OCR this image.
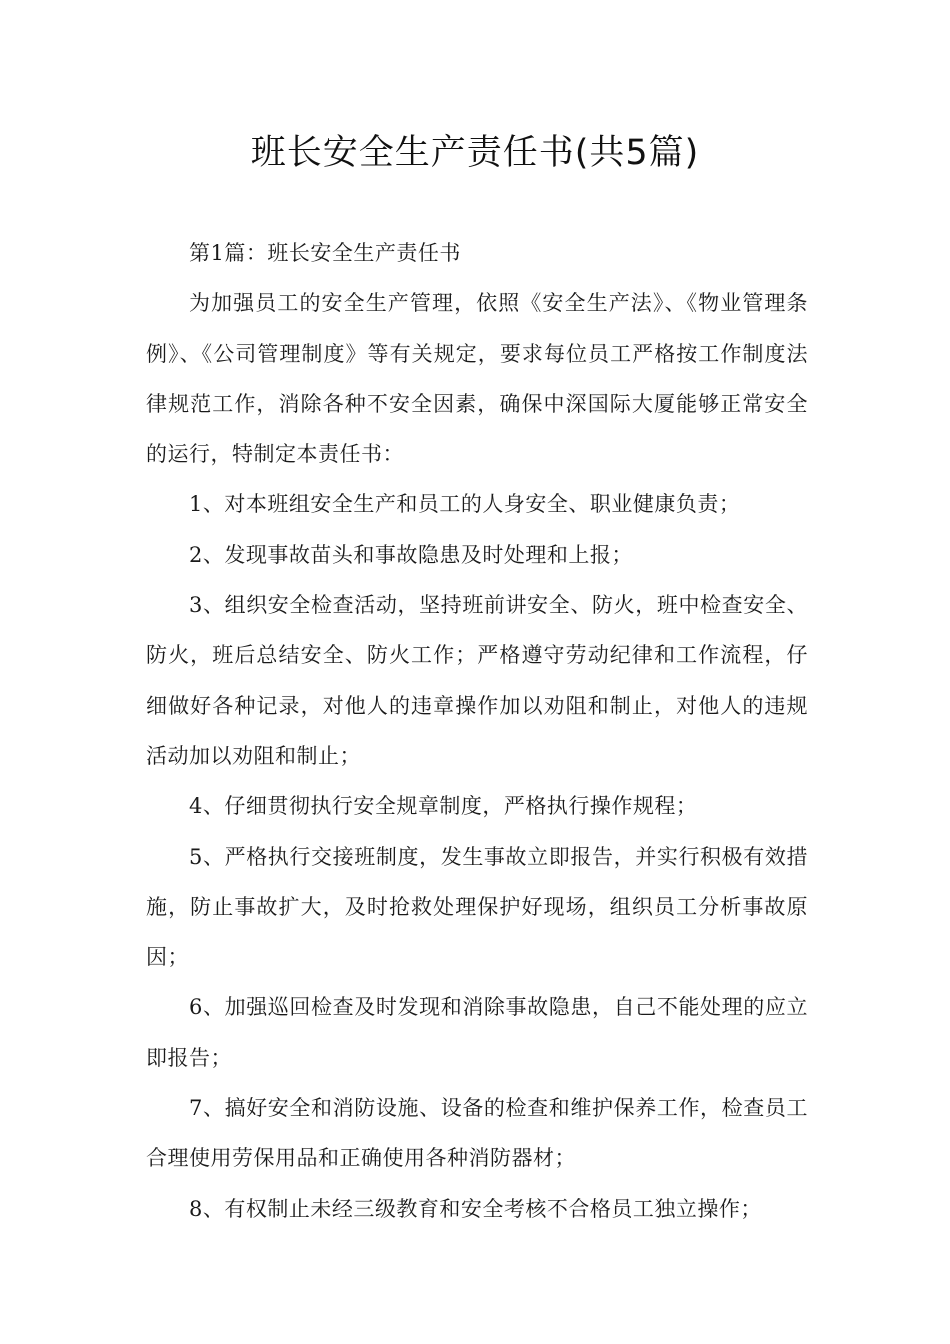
班长安全生产责任书(共5篇)

第1篇：班长安全生产责任书

为加强员工的安全生产管理，依照《安全生产法》、《物业管理条例》、《公司管理制度》等有关规定，要求每位员工严格按工作制度法律规范工作，消除各种不安全因素，确保中深国际大厦能够正常安全的运行，特制定本责任书：

1、对本班组安全生产和员工的人身安全、职业健康负责；

2、发现事故苗头和事故隐患及时处理和上报；

3、组织安全检查活动，坚持班前讲安全、防火，班中检查安全、防火，班后总结安全、防火工作；严格遵守劳动纪律和工作流程，仔细做好各种记录，对他人的违章操作加以劝阻和制止，对他人的违规活动加以劝阻和制止；

4、仔细贯彻执行安全规章制度，严格执行操作规程；

5、严格执行交接班制度，发生事故立即报告，并实行积极有效措施，防止事故扩大，及时抢救处理保护好现场，组织员工分析事故原因；

6、加强巡回检查及时发现和消除事故隐患，自己不能处理的应立即报告；

7、搞好安全和消防设施、设备的检查和维护保养工作，检查员工合理使用劳保用品和正确使用各种消防器材；

8、有权制止未经三级教育和安全考核不合格员工独立操作；
